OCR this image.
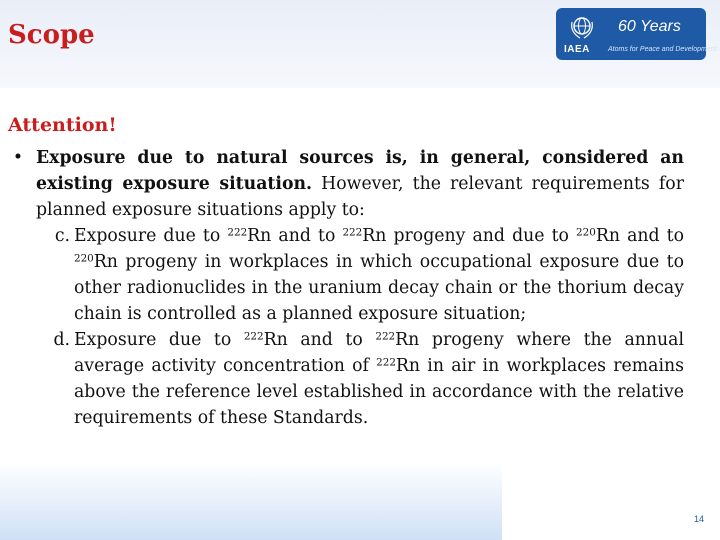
Scope	IAEA
60 Years
Atoms for Peace and Development
Attention!
• Exposure due to natural sources is, in general, considered an existing exposure situation. However, the relevant requirements for planned exposure situations apply to:

c. Exposure due to $^{222}$Rn and to $^{222}$Rn progeny and due to $^{220}$Rn and to $^{220}$Rn progeny in workplaces in which occupational exposure due to other radionuclides in the uranium decay chain or the thorium decay chain is controlled as a planned exposure situation;
d. Exposure due to $^{222}$Rn and to $^{222}$Rn progeny where the annual average activity concentration of $^{222}$Rn in air in workplaces remains above the reference level established in accordance with the relative requirements of these Standards.
14
